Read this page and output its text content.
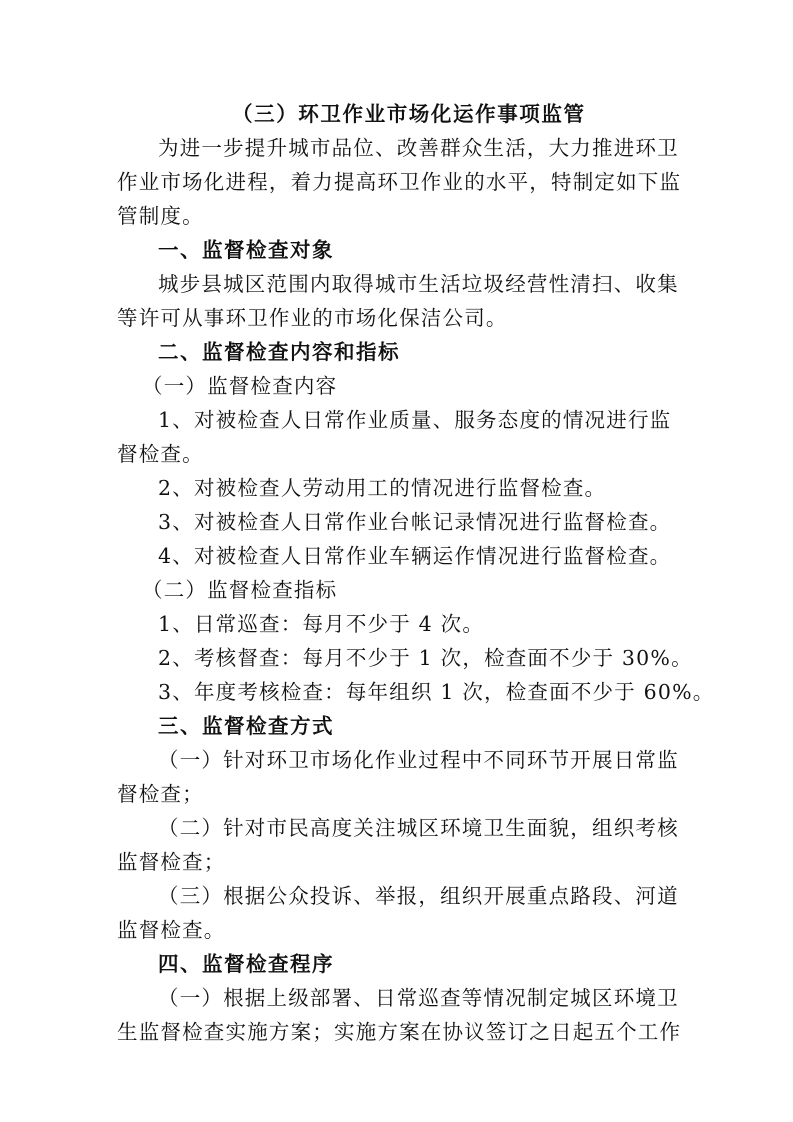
（三）环卫作业市场化运作事项监管
为进一步提升城市品位、改善群众生活，大力推进环卫
作业市场化进程，着力提高环卫作业的水平，特制定如下监
管制度。
一、监督检查对象
城步县城区范围内取得城市生活垃圾经营性清扫、收集
等许可从事环卫作业的市场化保洁公司。
二、监督检查内容和指标
（一）监督检查内容
1、对被检查人日常作业质量、服务态度的情况进行监
督检查。
2、对被检查人劳动用工的情况进行监督检查。
3、对被检查人日常作业台帐记录情况进行监督检查。
4、对被检查人日常作业车辆运作情况进行监督检查。
（二）监督检查指标
1、日常巡查：每月不少于 4 次。
2、考核督查：每月不少于 1 次，检查面不少于 30%。
3、年度考核检查：每年组织 1 次，检查面不少于 60%。
三、监督检查方式
（一）针对环卫市场化作业过程中不同环节开展日常监
督检查；
（二）针对市民高度关注城区环境卫生面貌，组织考核
监督检查；
（三）根据公众投诉、举报，组织开展重点路段、河道
监督检查。
四、监督检查程序
（一）根据上级部署、日常巡查等情况制定城区环境卫
生监督检查实施方案；实施方案在协议签订之日起五个工作
